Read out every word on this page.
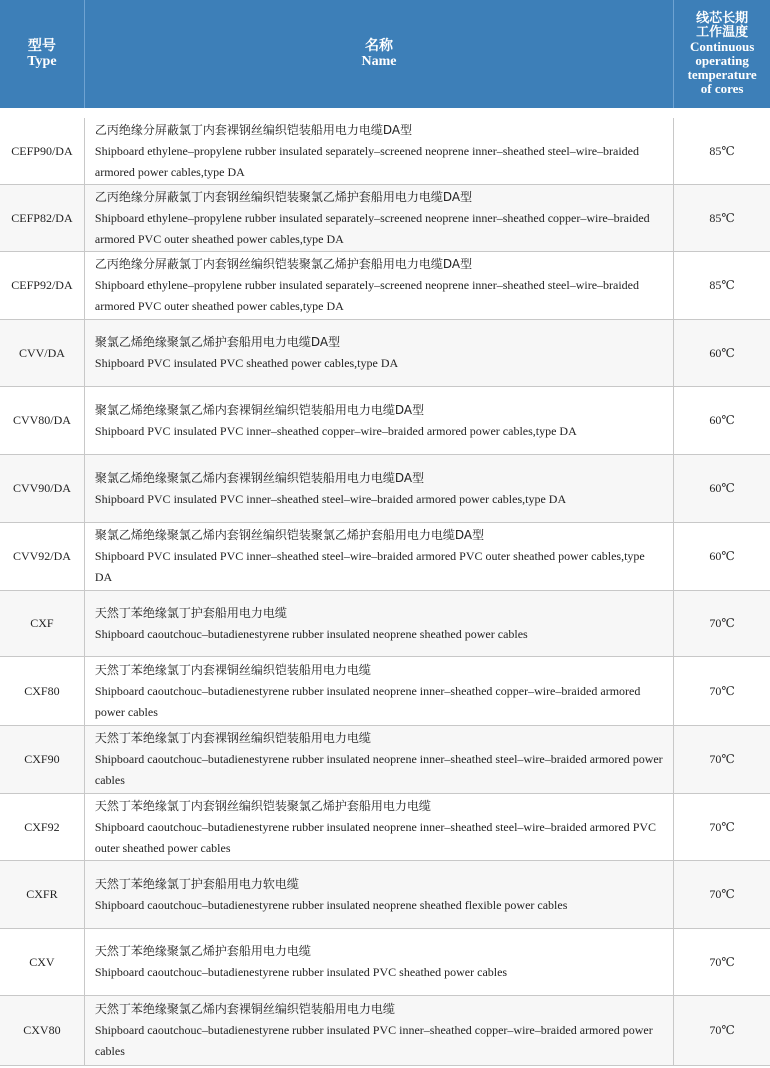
型号
Type
名称
Name
线芯长期
工作温度
Continuous
operating
temperature
of cores
CEFP90/DA
乙丙绝缘分屏蔽氯丁内套裸钢丝编织铠装船用电力电缆DA型
Shipboard ethylene–propylene rubber insulated separately–screened neoprene inner–sheathed steel–wire–braided armored power cables,type DA
85℃
CEFP82/DA
乙丙绝缘分屏蔽氯丁内套钢丝编织铠装聚氯乙烯护套船用电力电缆DA型
Shipboard ethylene–propylene rubber insulated separately–screened neoprene inner–sheathed copper–wire–braided armored PVC outer sheathed power cables,type DA
85℃
CEFP92/DA
乙丙绝缘分屏蔽氯丁内套钢丝编织铠装聚氯乙烯护套船用电力电缆DA型
Shipboard ethylene–propylene rubber insulated separately–screened neoprene inner–sheathed steel–wire–braided armored PVC outer sheathed power cables,type DA
85℃
CVV/DA
聚氯乙烯绝缘聚氯乙烯护套船用电力电缆DA型
Shipboard PVC insulated PVC sheathed power cables,type DA
60℃
CVV80/DA
聚氯乙烯绝缘聚氯乙烯内套裸铜丝编织铠装船用电力电缆DA型
Shipboard PVC insulated PVC inner–sheathed copper–wire–braided armored power cables,type DA
60℃
CVV90/DA
聚氯乙烯绝缘聚氯乙烯内套裸钢丝编织铠装船用电力电缆DA型
Shipboard PVC insulated PVC inner–sheathed steel–wire–braided armored power cables,type DA
60℃
CVV92/DA
聚氯乙烯绝缘聚氯乙烯内套钢丝编织铠装聚氯乙烯护套船用电力电缆DA型
Shipboard PVC insulated PVC inner–sheathed steel–wire–braided armored PVC outer sheathed power cables,type DA
60℃
CXF
天然丁苯绝缘氯丁护套船用电力电缆
Shipboard caoutchouc–butadienestyrene rubber insulated neoprene sheathed power cables
70℃
CXF80
天然丁苯绝缘氯丁内套裸铜丝编织铠装船用电力电缆
Shipboard caoutchouc–butadienestyrene rubber insulated neoprene inner–sheathed copper–wire–braided armored power cables
70℃
CXF90
天然丁苯绝缘氯丁内套裸钢丝编织铠装船用电力电缆
Shipboard caoutchouc–butadienestyrene rubber insulated neoprene inner–sheathed steel–wire–braided armored power cables
70℃
CXF92
天然丁苯绝缘氯丁内套钢丝编织铠装聚氯乙烯护套船用电力电缆
Shipboard caoutchouc–butadienestyrene rubber insulated neoprene inner–sheathed steel–wire–braided armored PVC outer sheathed power cables
70℃
CXFR
天然丁苯绝缘氯丁护套船用电力软电缆
Shipboard caoutchouc–butadienestyrene rubber insulated neoprene sheathed flexible power cables
70℃
CXV
天然丁苯绝缘聚氯乙烯护套船用电力电缆
Shipboard caoutchouc–butadienestyrene rubber insulated PVC sheathed power cables
70℃
CXV80
天然丁苯绝缘聚氯乙烯内套裸铜丝编织铠装船用电力电缆
Shipboard caoutchouc–butadienestyrene rubber insulated PVC inner–sheathed copper–wire–braided armored power cables
70℃
